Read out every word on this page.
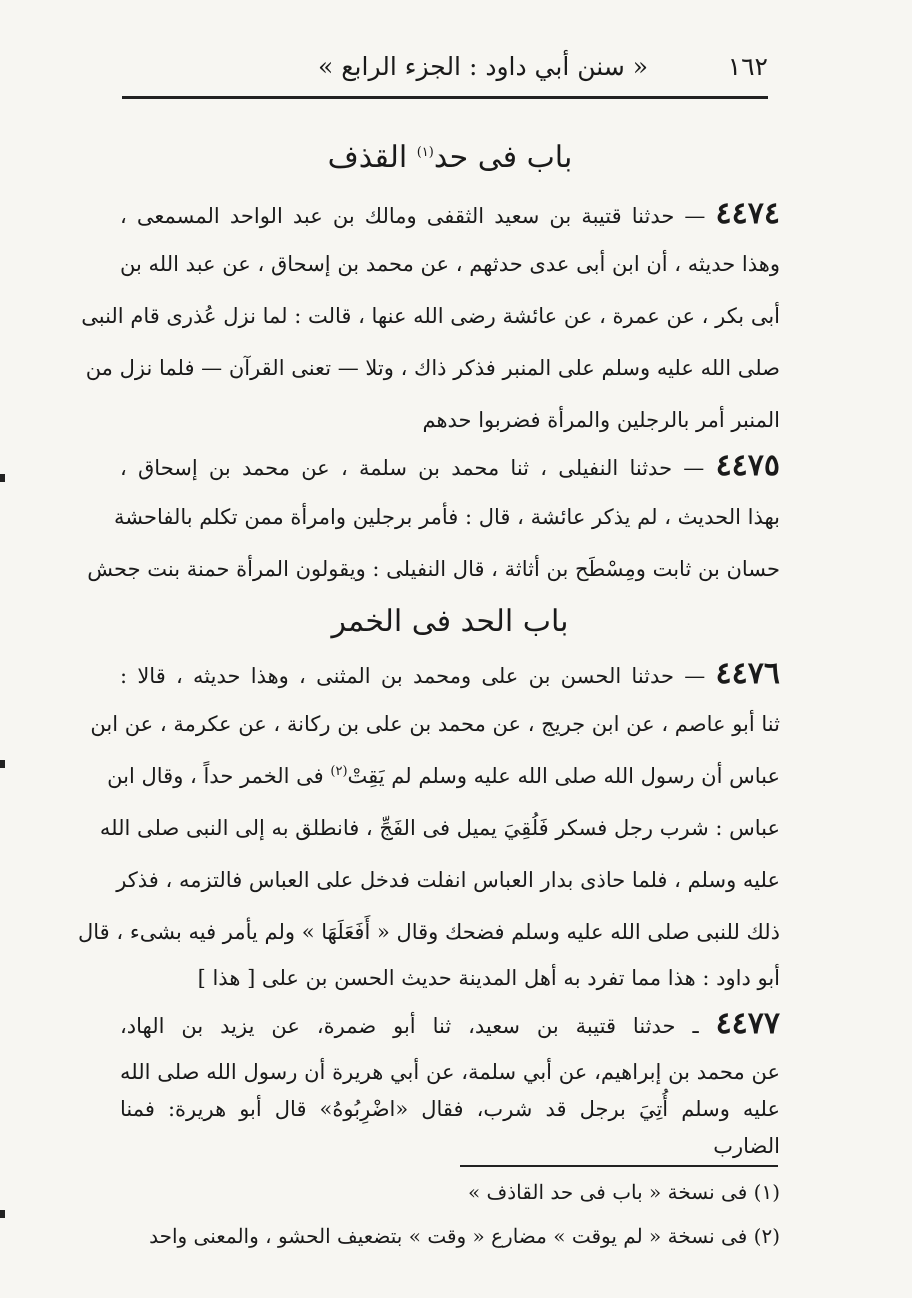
١٦٢
« سنن أبي داود : الجزء الرابع »
باب فى حد$^{(١)}$ القذف
٤٤٧٤ — حدثنا قتيبة بن سعيد الثقفى ومالك بن عبد الواحد المسمعى ،
وهذا حديثه ، أن ابن أبى عدى حدثهم ، عن محمد بن إسحاق ، عن عبد الله بن
أبى بكر ، عن عمرة ، عن عائشة رضى الله عنها ، قالت : لما نزل عُذرى قام النبى
صلى الله عليه وسلم على المنبر فذكر ذاك ، وتلا — تعنى القرآن — فلما نزل من
المنبر أمر بالرجلين والمرأة فضربوا حدهم
٤٤٧٥ — حدثنا النفيلى ، ثنا محمد بن سلمة ، عن محمد بن إسحاق ،
بهذا الحديث ، لم يذكر عائشة ، قال : فأمر برجلين وامرأة ممن تكلم بالفاحشة
حسان بن ثابت ومِسْطَح بن أثاثة ، قال النفيلى : ويقولون المرأة حمنة بنت جحش
باب الحد فى الخمر
٤٤٧٦ — حدثنا الحسن بن على ومحمد بن المثنى ، وهذا حديثه ، قالا :
ثنا أبو عاصم ، عن ابن جريج ، عن محمد بن على بن ركانة ، عن عكرمة ، عن ابن
عباس أن رسول الله صلى الله عليه وسلم لم يَقِتْ$^{(٢)}$ فى الخمر حداً ، وقال ابن
عباس : شرب رجل فسكر فَلُقِيَ يميل فى الفَجِّ ، فانطلق به إلى النبى صلى الله
عليه وسلم ، فلما حاذى بدار العباس انفلت فدخل على العباس فالتزمه ، فذكر
ذلك للنبى صلى الله عليه وسلم فضحك وقال « أَفَعَلَهَا » ولم يأمر فيه بشىء ، قال
أبو داود : هذا مما تفرد به أهل المدينة حديث الحسن بن على [ هذا ]
٤٤٧٧ ـ حدثنا قتيبة بن سعيد، ثنا أبو ضمرة، عن يزيد بن الهاد،
عن محمد بن إبراهيم، عن أبي سلمة، عن أبي هريرة أن رسول الله صلى الله
عليه وسلم أُتِيَ برجل قد شرب، فقال «اضْرِبُوهُ» قال أبو هريرة: فمنا
الضارب
(١) فى نسخة « باب فى حد القاذف »
(٢) فى نسخة « لم يوقت » مضارع « وقت » بتضعيف الحشو ، والمعنى واحد
